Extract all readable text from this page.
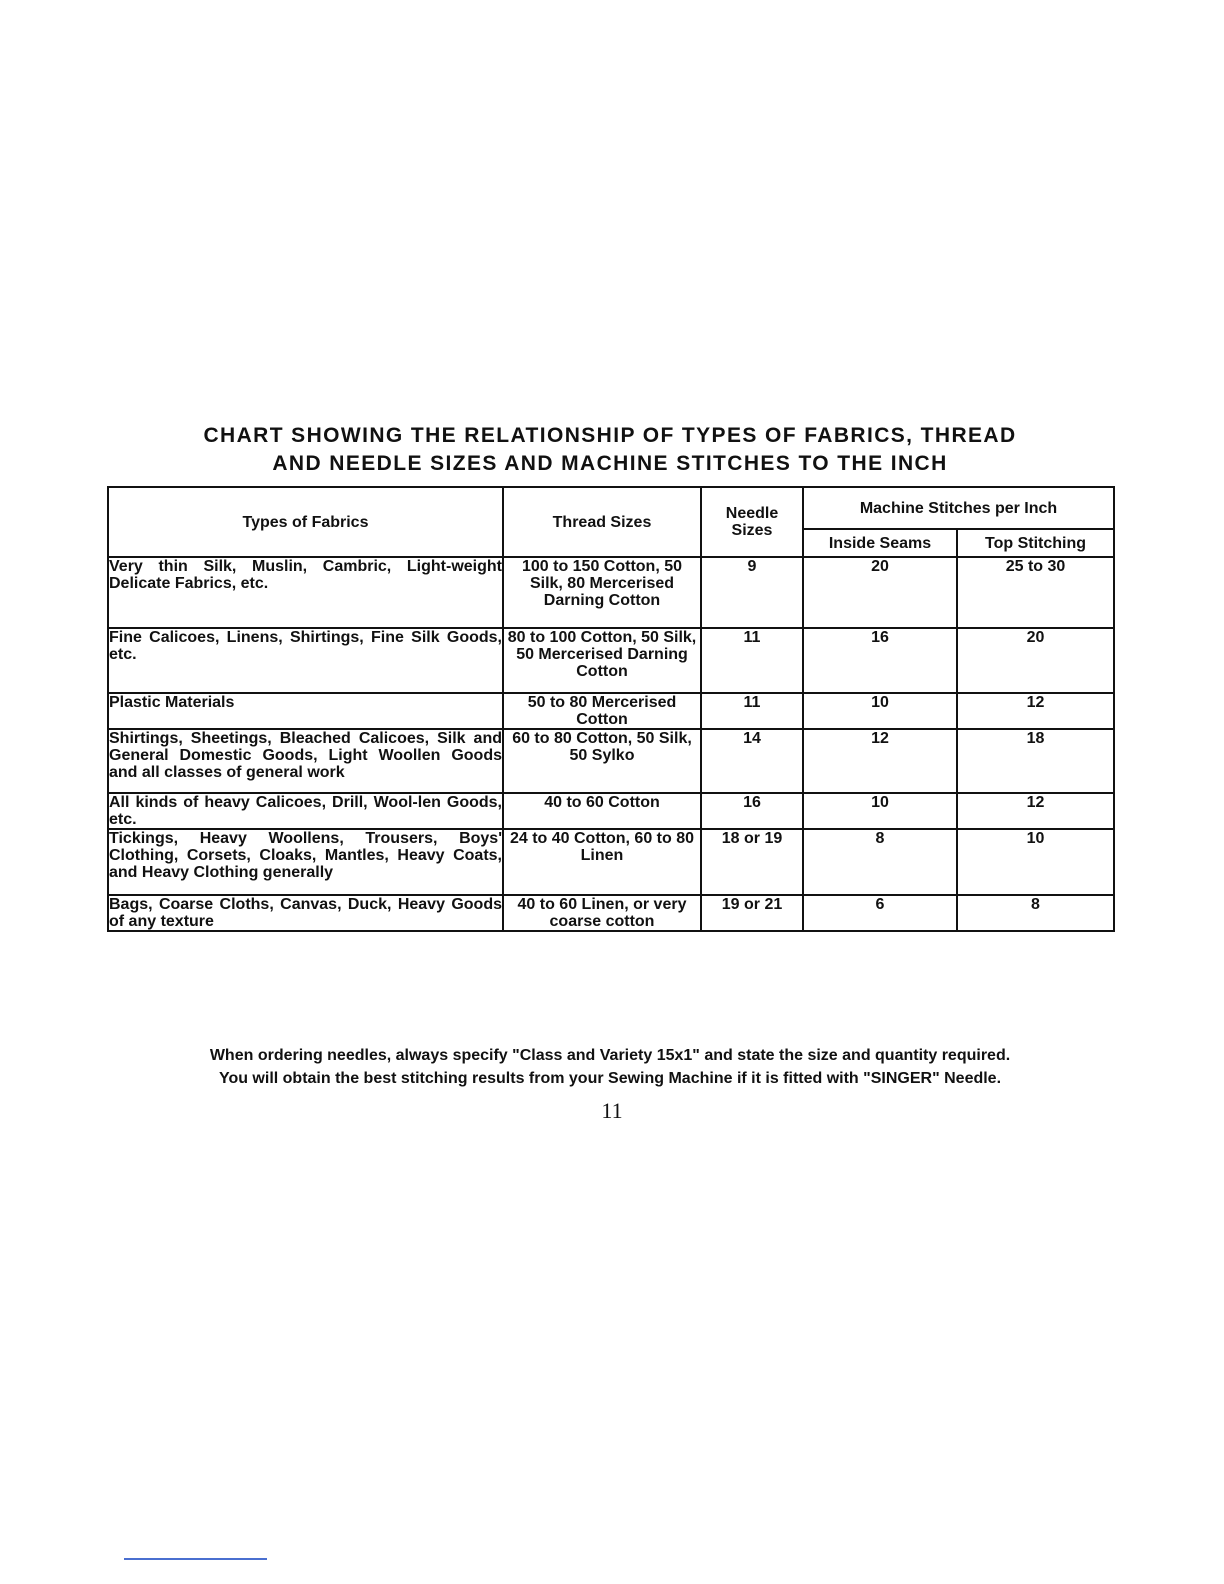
CHART SHOWING THE RELATIONSHIP OF TYPES OF FABRICS, THREAD
AND NEEDLE SIZES AND MACHINE STITCHES TO THE INCH
Types of Fabrics	Thread Sizes	Needle Sizes	Machine Stitches per Inch	
			Inside Seams	Top Stitching
Very thin Silk, Muslin, Cambric, Light-weight Delicate Fabrics, etc.	100 to 150 Cotton, 50 Silk, 80 Mercerised Darning Cotton	9	20	25 to 30
Fine Calicoes, Linens, Shirtings, Fine Silk Goods, etc.	80 to 100 Cotton, 50 Silk, 50 Mercerised Darning Cotton	11	16	20
Plastic Materials	50 to 80 Mercerised Cotton	11	10	12
Shirtings, Sheetings, Bleached Calicoes, Silk and General Domestic Goods, Light Woollen Goods and all classes of general work	60 to 80 Cotton, 50 Silk, 50 Sylko	14	12	18
All kinds of heavy Calicoes, Drill, Wool-len Goods, etc.	40 to 60 Cotton	16	10	12
Tickings, Heavy Woollens, Trousers, Boys' Clothing, Corsets, Cloaks, Mantles, Heavy Coats, and Heavy Clothing generally	24 to 40 Cotton, 60 to 80 Linen	18 or 19	8	10
Bags, Coarse Cloths, Canvas, Duck, Heavy Goods of any texture	40 to 60 Linen, or very coarse cotton	19 or 21	6	8
When ordering needles, always specify "Class and Variety 15x1" and state the size and quantity required.
You will obtain the best stitching results from your Sewing Machine if it is fitted with "SINGER" Needle.
11
